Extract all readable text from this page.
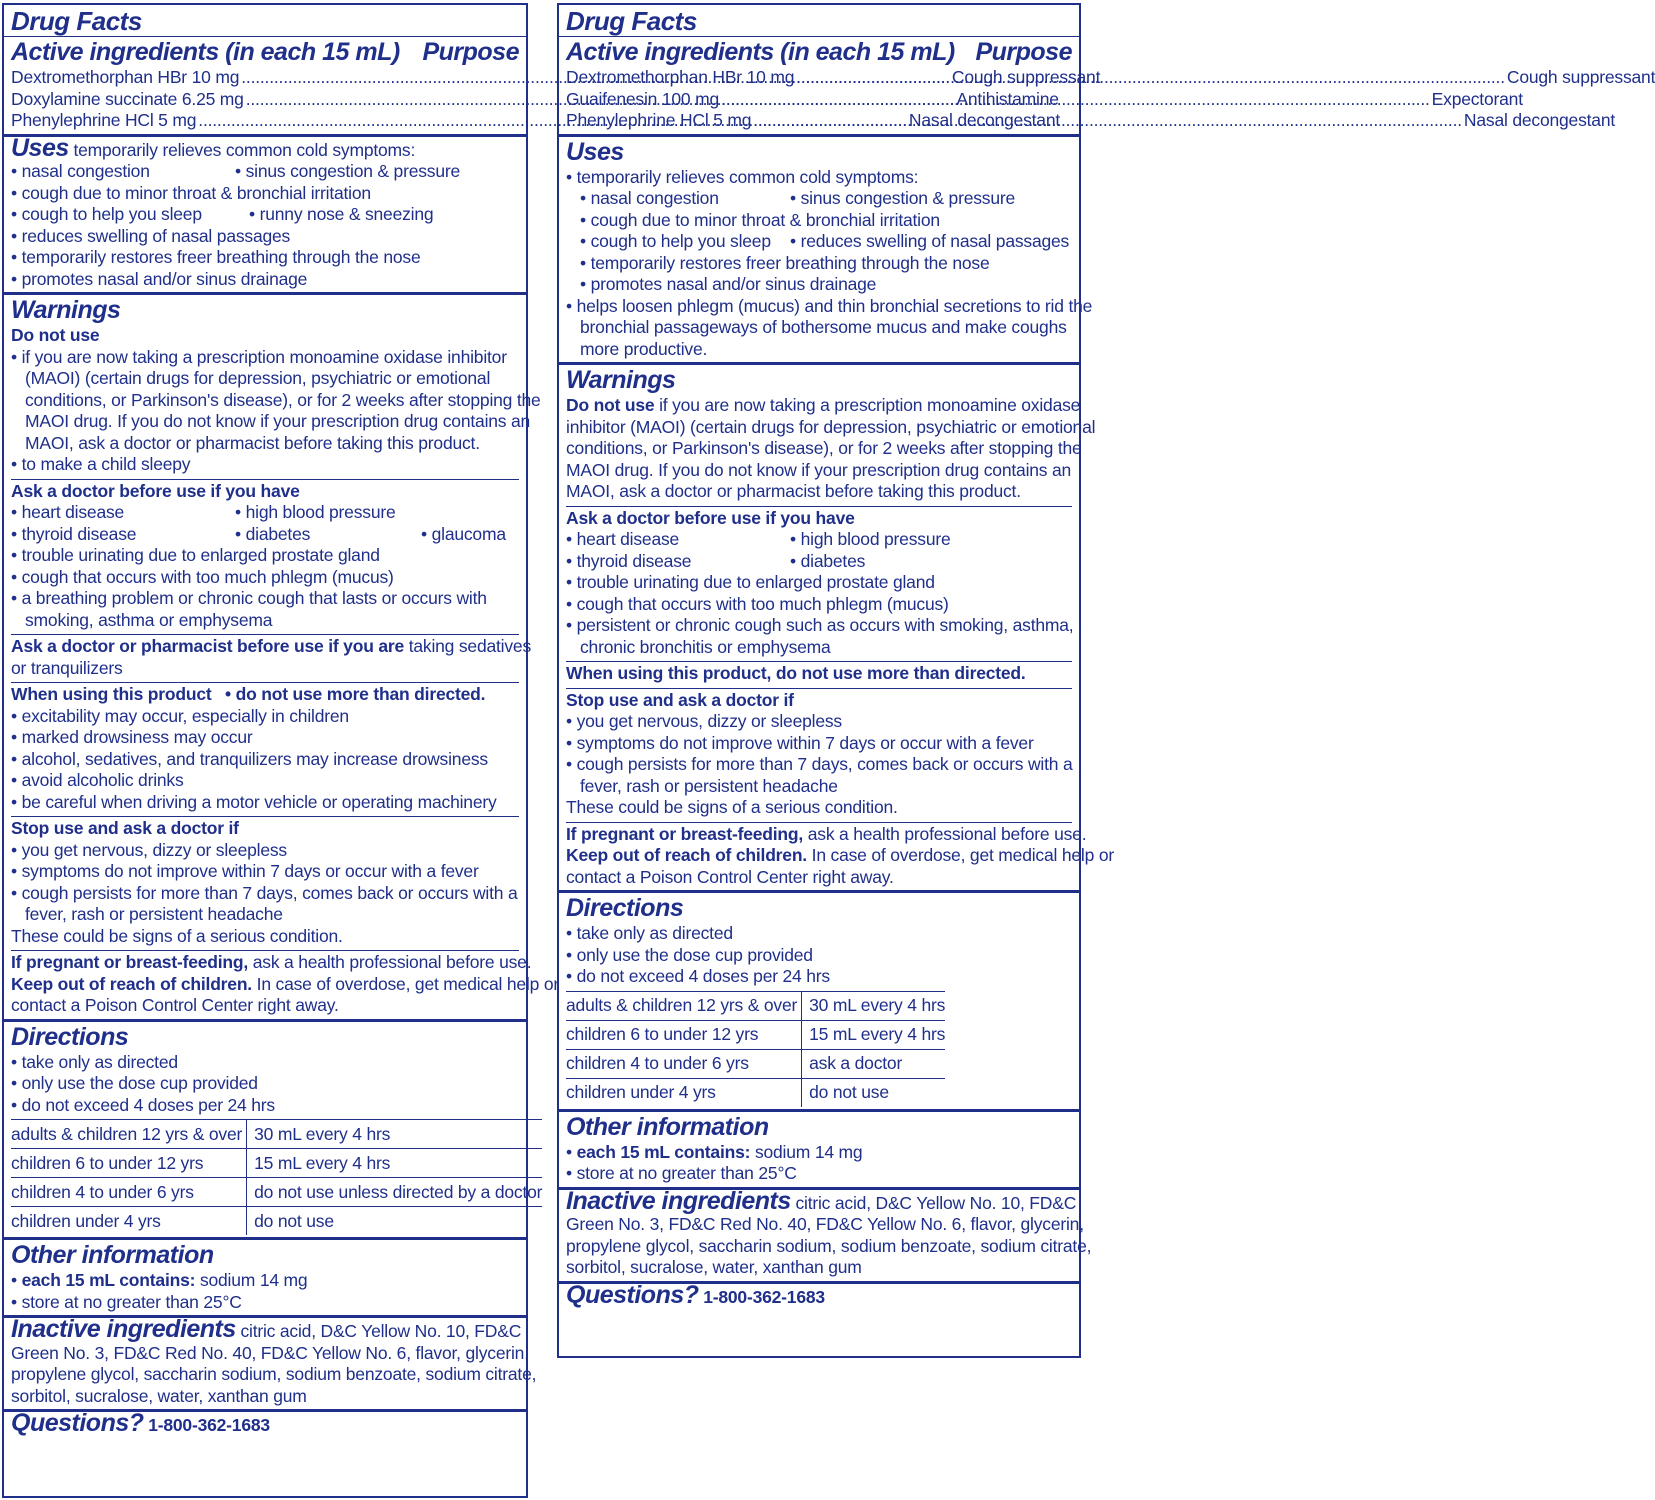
Drug Facts
Active ingredients (in each 15 mL) Purpose
Dextromethorphan HBr 10 mg .....	Cough suppressant
Doxylamine succinate 6.25 mg .....	Antihistamine
Phenylephrine HCl 5 mg .....	Nasal decongestant
Uses temporarily relieves common cold symptoms:
• nasal congestion	• sinus congestion & pressure
• cough due to minor throat & bronchial irritation
• cough to help you sleep	• runny nose & sneezing
• reduces swelling of nasal passages
• temporarily restores freer breathing through the nose
• promotes nasal and/or sinus drainage
Warnings
Do not use
• if you are now taking a prescription monoamine oxidase inhibitor
(MAOI) (certain drugs for depression, psychiatric or emotional
conditions, or Parkinson's disease), or for 2 weeks after stopping the
MAOI drug. If you do not know if your prescription drug contains an
MAOI, ask a doctor or pharmacist before taking this product.
• to make a child sleepy
Ask a doctor before use if you have
• heart disease	• high blood pressure
• thyroid disease	• diabetes	• glaucoma
• trouble urinating due to enlarged prostate gland
• cough that occurs with too much phlegm (mucus)
• a breathing problem or chronic cough that lasts or occurs with
smoking, asthma or emphysema
Ask a doctor or pharmacist before use if you are taking sedatives
or tranquilizers
When using this product	• do not use more than directed.
• excitability may occur, especially in children
• marked drowsiness may occur
• alcohol, sedatives, and tranquilizers may increase drowsiness
• avoid alcoholic drinks
• be careful when driving a motor vehicle or operating machinery
Stop use and ask a doctor if
• you get nervous, dizzy or sleepless
• symptoms do not improve within 7 days or occur with a fever
• cough persists for more than 7 days, comes back or occurs with a
fever, rash or persistent headache
These could be signs of a serious condition.
If pregnant or breast-feeding, ask a health professional before use.
Keep out of reach of children. In case of overdose, get medical help or
contact a Poison Control Center right away.
Directions
• take only as directed
• only use the dose cup provided
• do not exceed 4 doses per 24 hrs
adults & children 12 yrs & over	30 mL every 4 hrs
children 6 to under 12 yrs	15 mL every 4 hrs
children 4 to under 6 yrs	do not use unless directed by a doctor
children under 4 yrs	do not use
Other information
• each 15 mL contains: sodium 14 mg
• store at no greater than 25°C
Inactive ingredients citric acid, D&C Yellow No. 10, FD&C
Green No. 3, FD&C Red No. 40, FD&C Yellow No. 6, flavor, glycerin,
propylene glycol, saccharin sodium, sodium benzoate, sodium citrate,
sorbitol, sucralose, water, xanthan gum
Questions? 1-800-362-1683
Drug Facts
Active ingredients (in each 15 mL) Purpose
Dextromethorphan HBr 10 mg .....	Cough suppressant
Guaifenesin 100 mg .....	Expectorant
Phenylephrine HCl 5 mg .....	Nasal decongestant
Uses
• temporarily relieves common cold symptoms:
• nasal congestion	• sinus congestion & pressure
• cough due to minor throat & bronchial irritation
• cough to help you sleep	• reduces swelling of nasal passages
• temporarily restores freer breathing through the nose
• promotes nasal and/or sinus drainage
• helps loosen phlegm (mucus) and thin bronchial secretions to rid the
bronchial passageways of bothersome mucus and make coughs
more productive.
Warnings
Do not use if you are now taking a prescription monoamine oxidase
inhibitor (MAOI) (certain drugs for depression, psychiatric or emotional
conditions, or Parkinson's disease), or for 2 weeks after stopping the
MAOI drug. If you do not know if your prescription drug contains an
MAOI, ask a doctor or pharmacist before taking this product.
Ask a doctor before use if you have
• heart disease	• high blood pressure
• thyroid disease	• diabetes
• trouble urinating due to enlarged prostate gland
• cough that occurs with too much phlegm (mucus)
• persistent or chronic cough such as occurs with smoking, asthma,
chronic bronchitis or emphysema
When using this product, do not use more than directed.
Stop use and ask a doctor if
• you get nervous, dizzy or sleepless
• symptoms do not improve within 7 days or occur with a fever
• cough persists for more than 7 days, comes back or occurs with a
fever, rash or persistent headache
These could be signs of a serious condition.
If pregnant or breast-feeding, ask a health professional before use.
Keep out of reach of children. In case of overdose, get medical help or
contact a Poison Control Center right away.
Directions
• take only as directed
• only use the dose cup provided
• do not exceed 4 doses per 24 hrs
adults & children 12 yrs & over	30 mL every 4 hrs
children 6 to under 12 yrs	15 mL every 4 hrs
children 4 to under 6 yrs	ask a doctor
children under 4 yrs	do not use
Other information
• each 15 mL contains: sodium 14 mg
• store at no greater than 25°C
Inactive ingredients citric acid, D&C Yellow No. 10, FD&C
Green No. 3, FD&C Red No. 40, FD&C Yellow No. 6, flavor, glycerin,
propylene glycol, saccharin sodium, sodium benzoate, sodium citrate,
sorbitol, sucralose, water, xanthan gum
Questions? 1-800-362-1683
